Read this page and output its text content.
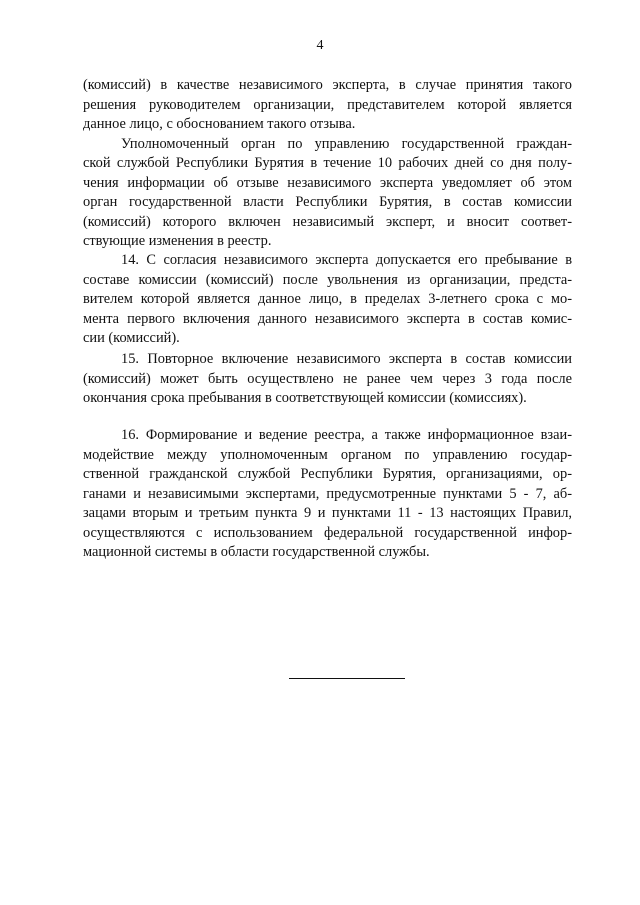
4
(комиссий) в качестве независимого эксперта, в случае принятия такого
решения руководителем организации, представителем которой является
данное лицо, с обоснованием такого отзыва.
Уполномоченный орган по управлению государственной граждан-
ской службой Республики Бурятия в течение 10 рабочих дней со дня полу-
чения информации об отзыве независимого эксперта уведомляет об этом
орган государственной власти Республики Бурятия, в состав комиссии
(комиссий) которого включен независимый эксперт, и вносит соответ-
ствующие изменения в реестр.
14. С согласия независимого эксперта допускается его пребывание в
составе комиссии (комиссий) после увольнения из организации, предста-
вителем которой является данное лицо, в пределах 3-летнего срока с мо-
мента первого включения данного независимого эксперта в состав комис-
сии (комиссий).
15. Повторное включение независимого эксперта в состав комиссии
(комиссий) может быть осуществлено не ранее чем через 3 года после
окончания срока пребывания в соответствующей комиссии (комиссиях).
16. Формирование и ведение реестра, а также информационное взаи-
модействие между уполномоченным органом по управлению государ-
ственной гражданской службой Республики Бурятия, организациями, ор-
ганами и независимыми экспертами, предусмотренные пунктами 5 - 7, аб-
зацами вторым и третьим пункта 9 и пунктами 11 - 13 настоящих Правил,
осуществляются с использованием федеральной государственной инфор-
мационной системы в области государственной службы.
